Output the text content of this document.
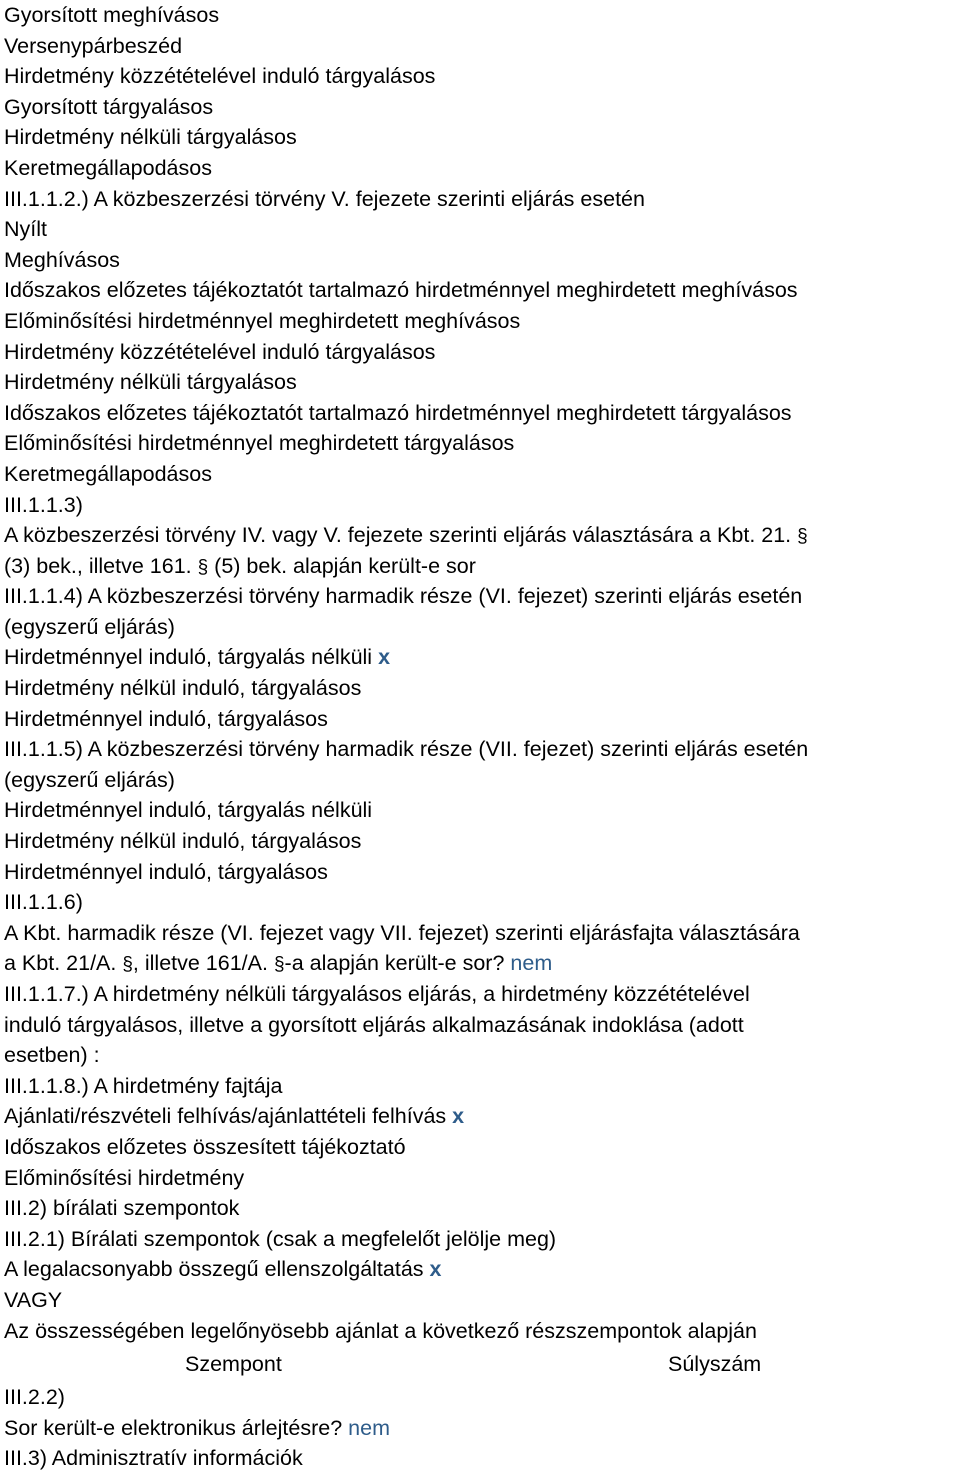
Gyorsított meghívásos
Versenypárbeszéd
Hirdetmény közzétételével induló tárgyalásos
Gyorsított tárgyalásos
Hirdetmény nélküli tárgyalásos
Keretmegállapodásos
III.1.1.2.) A közbeszerzési törvény V. fejezete szerinti eljárás esetén
Nyílt
Meghívásos
Időszakos előzetes tájékoztatót tartalmazó hirdetménnyel meghirdetett meghívásos
Előminősítési hirdetménnyel meghirdetett meghívásos
Hirdetmény közzétételével induló tárgyalásos
Hirdetmény nélküli tárgyalásos
Időszakos előzetes tájékoztatót tartalmazó hirdetménnyel meghirdetett tárgyalásos
Előminősítési hirdetménnyel meghirdetett tárgyalásos
Keretmegállapodásos
III.1.1.3)
A közbeszerzési törvény IV. vagy V. fejezete szerinti eljárás választására a Kbt. 21. §
(3) bek., illetve 161. § (5) bek. alapján került-e sor
III.1.1.4) A közbeszerzési törvény harmadik része (VI. fejezet) szerinti eljárás esetén
(egyszerű eljárás)
Hirdetménnyel induló, tárgyalás nélküli x
Hirdetmény nélkül induló, tárgyalásos
Hirdetménnyel induló, tárgyalásos
III.1.1.5) A közbeszerzési törvény harmadik része (VII. fejezet) szerinti eljárás esetén
(egyszerű eljárás)
Hirdetménnyel induló, tárgyalás nélküli
Hirdetmény nélkül induló, tárgyalásos
Hirdetménnyel induló, tárgyalásos
III.1.1.6)
A Kbt. harmadik része (VI. fejezet vagy VII. fejezet) szerinti eljárásfajta választására
a Kbt. 21/A. §, illetve 161/A. §-a alapján került-e sor? nem
III.1.1.7.) A hirdetmény nélküli tárgyalásos eljárás, a hirdetmény közzétételével
induló tárgyalásos, illetve a gyorsított eljárás alkalmazásának indoklása (adott
esetben) :
III.1.1.8.) A hirdetmény fajtája
Ajánlati/részvételi felhívás/ajánlattételi felhívás x
Időszakos előzetes összesített tájékoztató
Előminősítési hirdetmény
III.2) bírálati szempontok
III.2.1) Bírálati szempontok (csak a megfelelőt jelölje meg)
A legalacsonyabb összegű ellenszolgáltatás x
VAGY
Az összességében legelőnyösebb ajánlat a következő részszempontok alapján
Szempont	Súlyszám
III.2.2)
Sor került-e elektronikus árlejtésre? nem
III.3) Adminisztratív információk
